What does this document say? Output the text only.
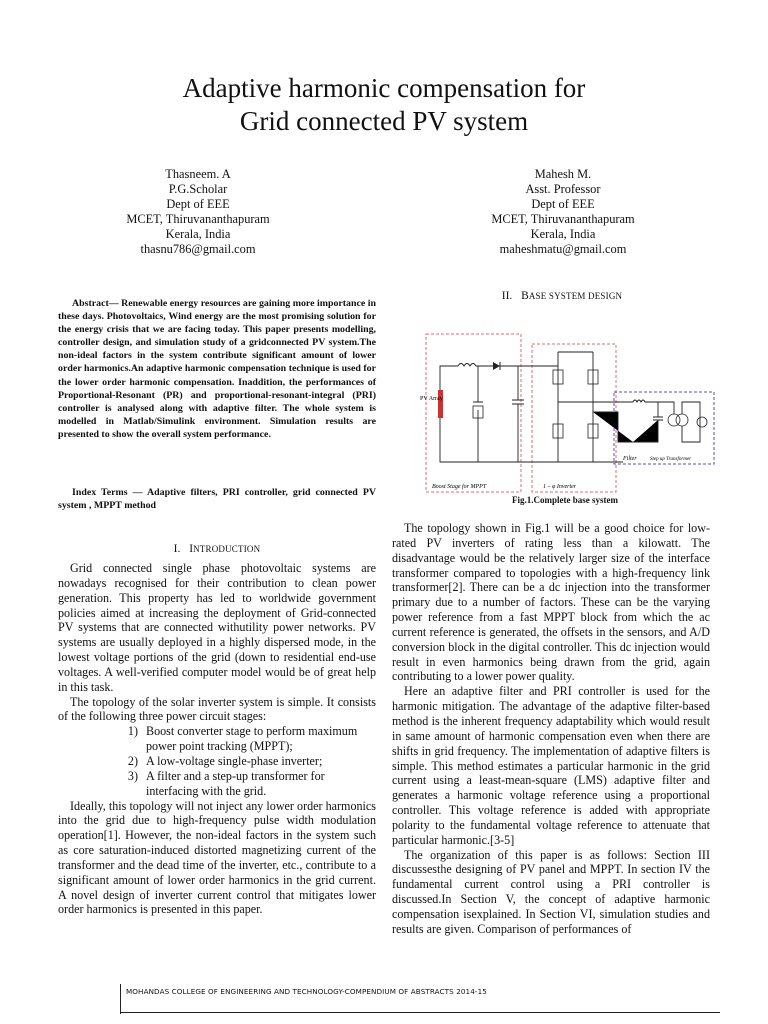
Adaptive harmonic compensation for
Grid connected PV system
Thasneem. A
P.G.Scholar
Dept of EEE
MCET, Thiruvananthapuram
Kerala, India
thasnu786@gmail.com
Mahesh M.
Asst. Professor
Dept of EEE
MCET, Thiruvananthapuram
Kerala, India
maheshmatu@gmail.com
Abstract— Renewable energy resources are gaining more importance in these days. Photovoltaics, Wind energy are the most promising solution for the energy crisis that we are facing today. This paper presents modelling, controller design, and simulation study of a gridconnected PV system.The non-ideal factors in the system contribute significant amount of lower order harmonics.An adaptive harmonic compensation technique is used for the lower order harmonic compensation. Inaddition, the performances of Proportional-Resonant (PR) and proportional-resonant-integral (PRI) controller is analysed along with adaptive filter. The whole system is modelled in Matlab/Simulink environment. Simulation results are presented to show the overall system performance.
Index Terms — Adaptive filters, PRI controller, grid connected PV system , MPPT method
I. INTRODUCTION

Grid connected single phase photovoltaic systems are nowadays recognised for their contribution to clean power generation. This property has led to worldwide government policies aimed at increasing the deployment of Grid-connected PV systems that are connected withutility power networks. PV systems are usually deployed in a highly dispersed mode, in the lowest voltage portions of the grid (down to residential end-use voltages. A well-verified computer model would be of great help in this task.

The topology of the solar inverter system is simple. It consists of the following three power circuit stages:

1) Boost converter stage to perform maximum power point tracking (MPPT);
2) A low-voltage single-phase inverter;
3) A filter and a step-up transformer for interfacing with the grid.

Ideally, this topology will not inject any lower order harmonics into the grid due to high-frequency pulse width modulation operation[1]. However, the non-ideal factors in the system such as core saturation-induced distorted magnetizing current of the transformer and the dead time of the inverter, etc., contribute to a significant amount of lower order harmonics in the grid current. A novel design of inverter current control that mitigates lower order harmonics is presented in this paper.

II. BASE SYSTEM DESIGN
PV Array
Boost Stage for MPPT	1 – φ Inverter
Filter	Step up Transformer
Fig.1.Complete base system

The topology shown in Fig.1 will be a good choice for low-rated PV inverters of rating less than a kilowatt. The disadvantage would be the relatively larger size of the interface transformer compared to topologies with a high-frequency link transformer[2]. There can be a dc injection into the transformer primary due to a number of factors. These can be the varying power reference from a fast MPPT block from which the ac current reference is generated, the offsets in the sensors, and A/D conversion block in the digital controller. This dc injection would result in even harmonics being drawn from the grid, again contributing to a lower power quality.

Here an adaptive filter and PRI controller is used for the harmonic mitigation. The advantage of the adaptive filter-based method is the inherent frequency adaptability which would result in same amount of harmonic compensation even when there are shifts in grid frequency. The implementation of adaptive filters is simple. This method estimates a particular harmonic in the grid current using a least-mean-square (LMS) adaptive filter and generates a harmonic voltage reference using a proportional controller. This voltage reference is added with appropriate polarity to the fundamental voltage reference to attenuate that particular harmonic.[3-5]

The organization of this paper is as follows: Section III discussesthe designing of PV panel and MPPT. In section IV the fundamental current control using a PRI controller is discussed.In Section V, the concept of adaptive harmonic compensation isexplained. In Section VI, simulation studies and results are given. Comparison of performances of

MOHANDAS COLLEGE OF ENGINEERING AND TECHNOLOGY-COMPENDIUM OF ABSTRACTS 2014-15
